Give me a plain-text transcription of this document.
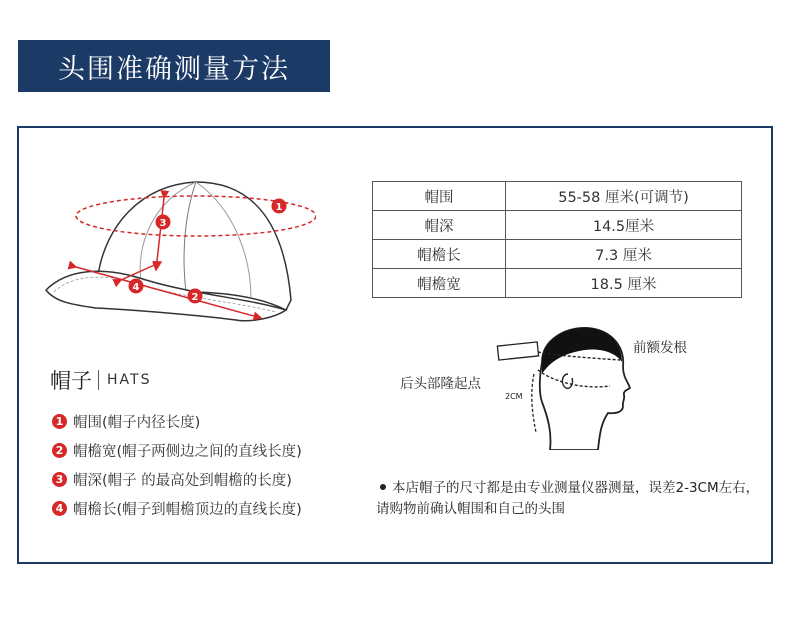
头围准确测量方法
1
2
3
4
帽子 HATS
1 帽围(帽子内径长度)
2 帽檐宽(帽子两侧边之间的直线长度)
3 帽深(帽子 的最高处到帽檐的长度)
4 帽檐长(帽子到帽檐顶边的直线长度)
帽围	55-58 厘米(可调节)
帽深	14.5厘米
帽檐长	7.3 厘米
帽檐宽	18.5 厘米
前额发根
后头部隆起点
2CM
本店帽子的尺寸都是由专业测量仪器测量，误差2-3CM左右，请购物前确认帽围和自己的头围
